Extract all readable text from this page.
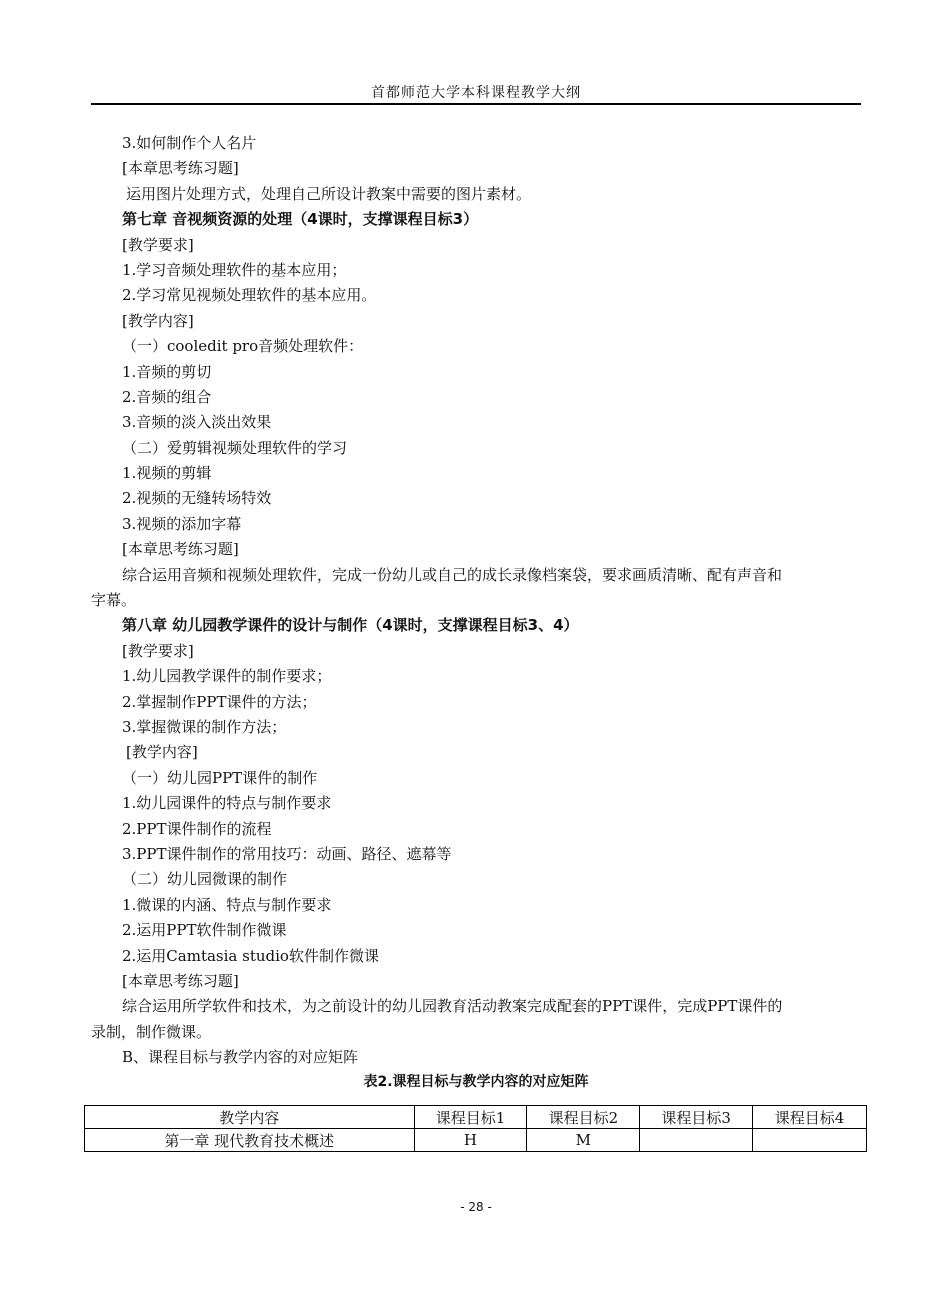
首都师范大学本科课程教学大纲
3.如何制作个人名片
[本章思考练习题]
运用图片处理方式，处理自己所设计教案中需要的图片素材。
第七章 音视频资源的处理（4课时，支撑课程目标3）
[教学要求]
1.学习音频处理软件的基本应用；
2.学习常见视频处理软件的基本应用。
[教学内容]
（一）cooledit pro音频处理软件：
1.音频的剪切
2.音频的组合
3.音频的淡入淡出效果
（二）爱剪辑视频处理软件的学习
1.视频的剪辑
2.视频的无缝转场特效
3.视频的添加字幕
[本章思考练习题]
综合运用音频和视频处理软件，完成一份幼儿或自己的成长录像档案袋，要求画质清晰、配有声音和
字幕。
第八章 幼儿园教学课件的设计与制作（4课时，支撑课程目标3、4）
[教学要求]
1.幼儿园教学课件的制作要求；
2.掌握制作PPT课件的方法；
3.掌握微课的制作方法；
[教学内容]
（一）幼儿园PPT课件的制作
1.幼儿园课件的特点与制作要求
2.PPT课件制作的流程
3.PPT课件制作的常用技巧：动画、路径、遮幕等
（二）幼儿园微课的制作
1.微课的内涵、特点与制作要求
2.运用PPT软件制作微课
2.运用Camtasia studio软件制作微课
[本章思考练习题]
综合运用所学软件和技术，为之前设计的幼儿园教育活动教案完成配套的PPT课件，完成PPT课件的
录制，制作微课。
B、课程目标与教学内容的对应矩阵
表2.课程目标与教学内容的对应矩阵
教学内容	课程目标1	课程目标2	课程目标3	课程目标4
第一章 现代教育技术概述	H	M		
- 28 -
